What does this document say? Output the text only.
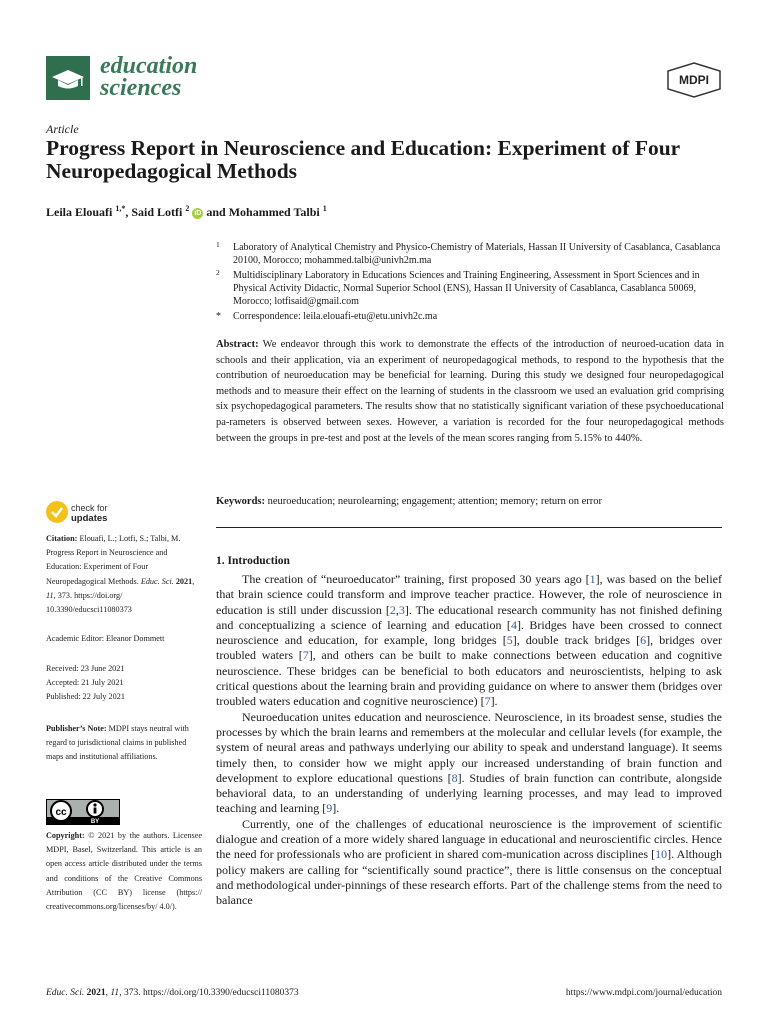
education
sciences	MDPI
Article
Progress Report in Neuroscience and Education: Experiment of Four Neuropedagogical Methods
Leila Elouafi $^{1,*}$, Said Lotfi $^2$ iD and Mohammed Talbi $^1$
1 Laboratory of Analytical Chemistry and Physico-Chemistry of Materials, Hassan II University of Casablanca, Casablanca 20100, Morocco; mohammed.talbi@univh2m.ma
2 Multidisciplinary Laboratory in Educations Sciences and Training Engineering, Assessment in Sport Sciences and in Physical Activity Didactic, Normal Superior School (ENS), Hassan II University of Casablanca, Casablanca 50069, Morocco; lotfisaid@gmail.com
* Correspondence: leila.elouafi-etu@etu.univh2c.ma
Abstract: We endeavor through this work to demonstrate the effects of the introduction of neuroed-ucation data in schools and their application, via an experiment of neuropedagogical methods, to respond to the hypothesis that the contribution of neuroeducation may be beneficial for learning. During this study we designed four neuropedagogical methods and to measure their effect on the learning of students in the classroom we used an evaluation grid comprising six psychopedagogical parameters. The results show that no statistically significant variation of these psychoeducational pa-rameters is observed between sexes. However, a variation is recorded for the four neuropedagogical methods between the groups in pre-test and post at the levels of the mean scores ranging from 5.15% to 440%.
Keywords: neuroeducation; neurolearning; engagement; attention; memory; return on error
check for
updates
Citation: Elouafi, L.; Lotfi, S.; Talbi, M. Progress Report in Neuroscience and Education: Experiment of Four Neuropedagogical Methods. Educ. Sci. 2021, 11, 373. https://doi.org/ 10.3390/educsci11080373
Academic Editor: Eleanor Dommett
Received: 23 June 2021
Accepted: 21 July 2021
Published: 22 July 2021
Publisher’s Note: MDPI stays neutral with regard to jurisdictional claims in published maps and institutional affiliations.
cc
BY
Copyright: © 2021 by the authors. Licensee MDPI, Basel, Switzerland. This article is an open access article distributed under the terms and conditions of the Creative Commons Attribution (CC BY) license (https:// creativecommons.org/licenses/by/ 4.0/).
1. Introduction

The creation of “neuroeducator” training, first proposed 30 years ago [1], was based on the belief that brain science could transform and improve teacher practice. However, the role of neuroscience in education is still under discussion [2,3]. The educational research community has not finished defining and conceptualizing a science of learning and education [4]. Bridges have been crossed to connect neuroscience and education, for example, long bridges [5], double track bridges [6], bridges over troubled waters [7], and others can be built to make connections between education and cognitive neuroscience. These bridges can be beneficial to both educators and neuroscientists, helping to ask critical questions about the learning brain and providing guidance on where to answer them (bridges over troubled waters education and cognitive neuroscience) [7].

Neuroeducation unites education and neuroscience. Neuroscience, in its broadest sense, studies the processes by which the brain learns and remembers at the molecular and cellular levels (for example, the system of neural areas and pathways underlying our ability to speak and understand language). It seems timely then, to consider how we might apply our increased understanding of brain function and development to explore educational questions [8]. Studies of brain function can contribute, alongside behavioral data, to an understanding of underlying learning processes, and may lead to improved teaching and learning [9].

Currently, one of the challenges of educational neuroscience is the improvement of scientific dialogue and creation of a more widely shared language in educational and neuroscientific circles. Hence the need for professionals who are proficient in shared com-munication across disciplines [10]. Although policy makers are calling for “scientifically sound practice”, there is little consensus on the conceptual and methodological under-pinnings of these research efforts. Part of the challenge stems from the need to balance

Educ. Sci. 2021, 11, 373. https://doi.org/10.3390/educsci11080373	https://www.mdpi.com/journal/education
